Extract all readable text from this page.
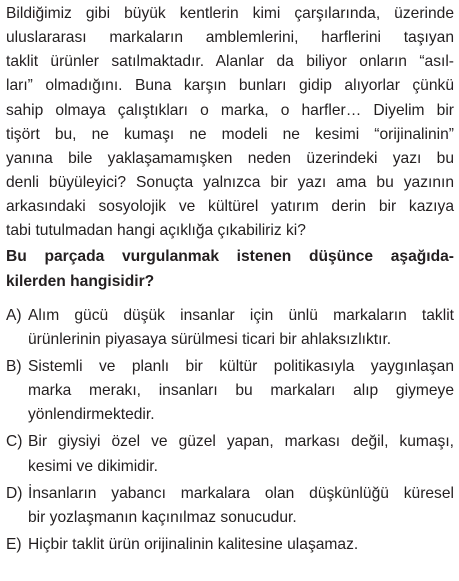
Bildiğimiz gibi büyük kentlerin kimi çarşılarında, üzerinde
uluslararası markaların amblemlerini, harflerini taşıyan
taklit ürünler satılmaktadır. Alanlar da biliyor onların “asıl-
ları” olmadığını. Buna karşın bunları gidip alıyorlar çünkü
sahip olmaya çalıştıkları o marka, o harfler… Diyelim bir
tişört bu, ne kumaşı ne modeli ne kesimi “orijinalinin”
yanına bile yaklaşamamışken neden üzerindeki yazı bu
denli büyüleyici? Sonuçta yalnızca bir yazı ama bu yazının
arkasındaki sosyolojik ve kültürel yatırım derin bir kazıya
tabi tutulmadan hangi açıklığa çıkabiliriz ki?
Bu parçada vurgulanmak istenen düşünce aşağıda-
kilerden hangisidir?
A) Alım gücü düşük insanlar için ünlü markaların taklit
ürünlerinin piyasaya sürülmesi ticari bir ahlaksızlıktır.
B) Sistemli ve planlı bir kültür politikasıyla yaygınlaşan
marka merakı, insanları bu markaları alıp giymeye
yönlendirmektedir.
C) Bir giysiyi özel ve güzel yapan, markası değil, kumaşı,
kesimi ve dikimidir.
D) İnsanların yabancı markalara olan düşkünlüğü küresel
bir yozlaşmanın kaçınılmaz sonucudur.
E) Hiçbir taklit ürün orijinalinin kalitesine ulaşamaz.
